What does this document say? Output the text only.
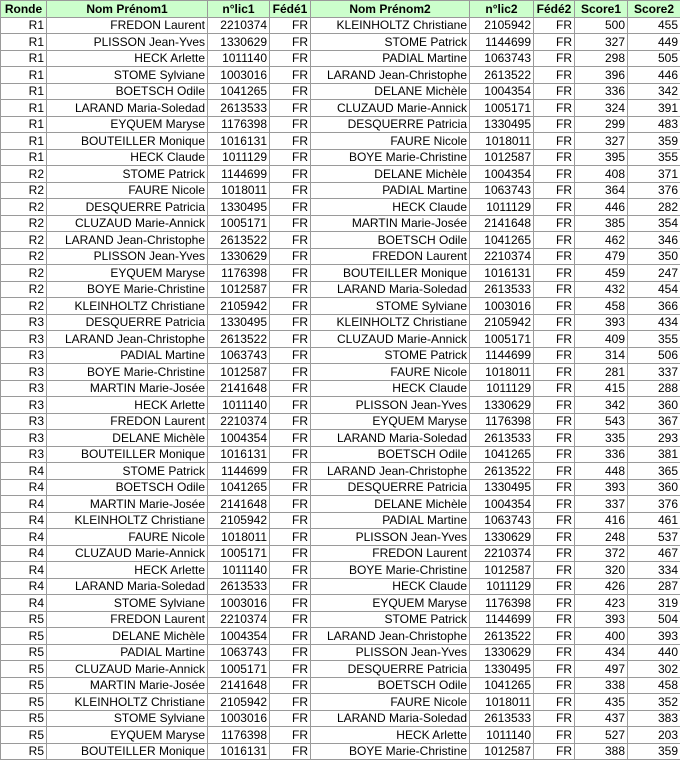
Ronde	Nom Prénom1	n°lic1	Fédé1	Nom Prénom2	n°lic2	Fédé2	Score1	Score2
R1	FREDON Laurent	2210374	FR	KLEINHOLTZ Christiane	2105942	FR	500	455
R1	PLISSON Jean-Yves	1330629	FR	STOME Patrick	1144699	FR	327	449
R1	HECK Arlette	1011140	FR	PADIAL Martine	1063743	FR	298	505
R1	STOME Sylviane	1003016	FR	LARAND Jean-Christophe	2613522	FR	396	446
R1	BOETSCH Odile	1041265	FR	DELANE Michèle	1004354	FR	336	342
R1	LARAND Maria-Soledad	2613533	FR	CLUZAUD Marie-Annick	1005171	FR	324	391
R1	EYQUEM Maryse	1176398	FR	DESQUERRE Patricia	1330495	FR	299	483
R1	BOUTEILLER Monique	1016131	FR	FAURE Nicole	1018011	FR	327	359
R1	HECK Claude	1011129	FR	BOYE Marie-Christine	1012587	FR	395	355
R2	STOME Patrick	1144699	FR	DELANE Michèle	1004354	FR	408	371
R2	FAURE Nicole	1018011	FR	PADIAL Martine	1063743	FR	364	376
R2	DESQUERRE Patricia	1330495	FR	HECK Claude	1011129	FR	446	282
R2	CLUZAUD Marie-Annick	1005171	FR	MARTIN Marie-Josée	2141648	FR	385	354
R2	LARAND Jean-Christophe	2613522	FR	BOETSCH Odile	1041265	FR	462	346
R2	PLISSON Jean-Yves	1330629	FR	FREDON Laurent	2210374	FR	479	350
R2	EYQUEM Maryse	1176398	FR	BOUTEILLER Monique	1016131	FR	459	247
R2	BOYE Marie-Christine	1012587	FR	LARAND Maria-Soledad	2613533	FR	432	454
R2	KLEINHOLTZ Christiane	2105942	FR	STOME Sylviane	1003016	FR	458	366
R3	DESQUERRE Patricia	1330495	FR	KLEINHOLTZ Christiane	2105942	FR	393	434
R3	LARAND Jean-Christophe	2613522	FR	CLUZAUD Marie-Annick	1005171	FR	409	355
R3	PADIAL Martine	1063743	FR	STOME Patrick	1144699	FR	314	506
R3	BOYE Marie-Christine	1012587	FR	FAURE Nicole	1018011	FR	281	337
R3	MARTIN Marie-Josée	2141648	FR	HECK Claude	1011129	FR	415	288
R3	HECK Arlette	1011140	FR	PLISSON Jean-Yves	1330629	FR	342	360
R3	FREDON Laurent	2210374	FR	EYQUEM Maryse	1176398	FR	543	367
R3	DELANE Michèle	1004354	FR	LARAND Maria-Soledad	2613533	FR	335	293
R3	BOUTEILLER Monique	1016131	FR	BOETSCH Odile	1041265	FR	336	381
R4	STOME Patrick	1144699	FR	LARAND Jean-Christophe	2613522	FR	448	365
R4	BOETSCH Odile	1041265	FR	DESQUERRE Patricia	1330495	FR	393	360
R4	MARTIN Marie-Josée	2141648	FR	DELANE Michèle	1004354	FR	337	376
R4	KLEINHOLTZ Christiane	2105942	FR	PADIAL Martine	1063743	FR	416	461
R4	FAURE Nicole	1018011	FR	PLISSON Jean-Yves	1330629	FR	248	537
R4	CLUZAUD Marie-Annick	1005171	FR	FREDON Laurent	2210374	FR	372	467
R4	HECK Arlette	1011140	FR	BOYE Marie-Christine	1012587	FR	320	334
R4	LARAND Maria-Soledad	2613533	FR	HECK Claude	1011129	FR	426	287
R4	STOME Sylviane	1003016	FR	EYQUEM Maryse	1176398	FR	423	319
R5	FREDON Laurent	2210374	FR	STOME Patrick	1144699	FR	393	504
R5	DELANE Michèle	1004354	FR	LARAND Jean-Christophe	2613522	FR	400	393
R5	PADIAL Martine	1063743	FR	PLISSON Jean-Yves	1330629	FR	434	440
R5	CLUZAUD Marie-Annick	1005171	FR	DESQUERRE Patricia	1330495	FR	497	302
R5	MARTIN Marie-Josée	2141648	FR	BOETSCH Odile	1041265	FR	338	458
R5	KLEINHOLTZ Christiane	2105942	FR	FAURE Nicole	1018011	FR	435	352
R5	STOME Sylviane	1003016	FR	LARAND Maria-Soledad	2613533	FR	437	383
R5	EYQUEM Maryse	1176398	FR	HECK Arlette	1011140	FR	527	203
R5	BOUTEILLER Monique	1016131	FR	BOYE Marie-Christine	1012587	FR	388	359
